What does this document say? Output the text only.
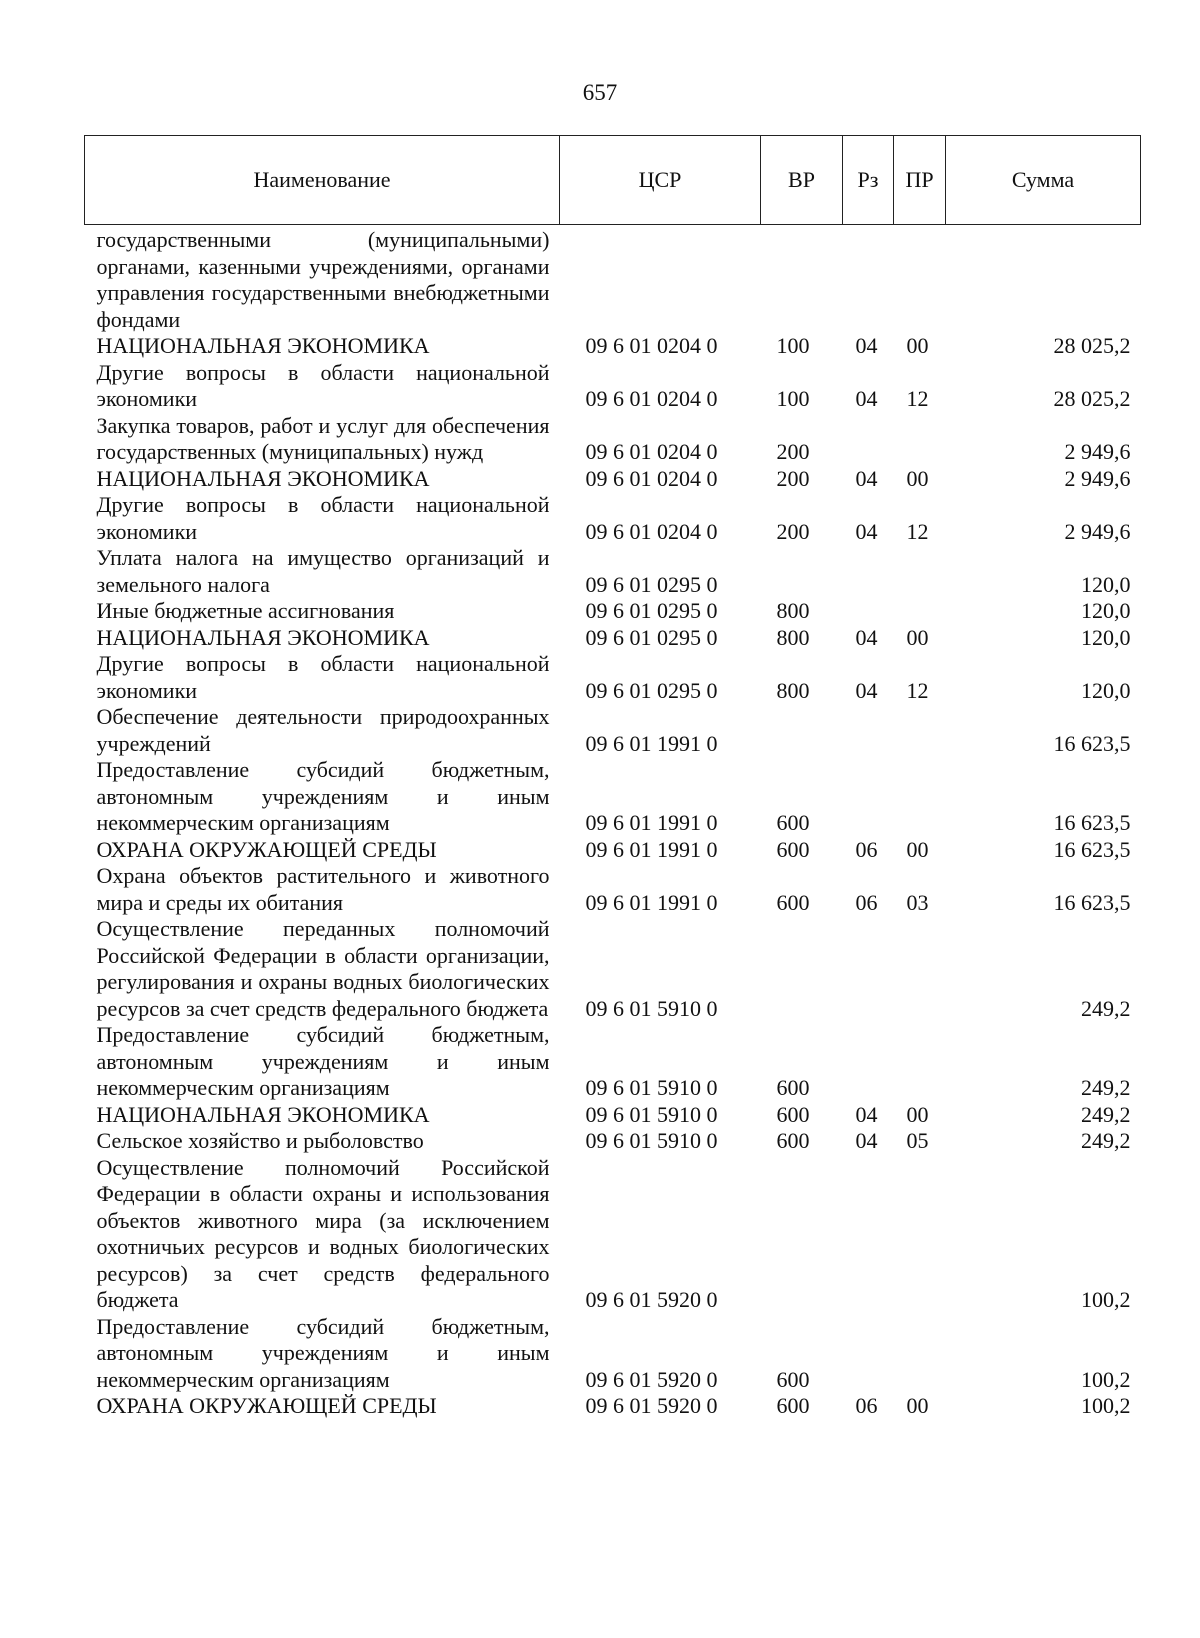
657
Наименование	ЦСР	ВР	Рз	ПР	Сумма
государственными (муниципальными) органами, казенными учреждениями, органами управления государственными внебюджетными фондами					
НАЦИОНАЛЬНАЯ ЭКОНОМИКА	09 6 01 0204 0	100	04	00	28 025,2
Другие вопросы в области национальной экономики	09 6 01 0204 0	100	04	12	28 025,2
Закупка товаров, работ и услуг для обеспечения государственных (муниципальных) нужд	09 6 01 0204 0	200			2 949,6
НАЦИОНАЛЬНАЯ ЭКОНОМИКА	09 6 01 0204 0	200	04	00	2 949,6
Другие вопросы в области национальной экономики	09 6 01 0204 0	200	04	12	2 949,6
Уплата налога на имущество организаций и земельного налога	09 6 01 0295 0				120,0
Иные бюджетные ассигнования	09 6 01 0295 0	800			120,0
НАЦИОНАЛЬНАЯ ЭКОНОМИКА	09 6 01 0295 0	800	04	00	120,0
Другие вопросы в области национальной экономики	09 6 01 0295 0	800	04	12	120,0
Обеспечение деятельности природоохранных учреждений	09 6 01 1991 0				16 623,5
Предоставление субсидий бюджетным, автономным учреждениям и иным некоммерческим организациям	09 6 01 1991 0	600			16 623,5
ОХРАНА ОКРУЖАЮЩЕЙ СРЕДЫ	09 6 01 1991 0	600	06	00	16 623,5
Охрана объектов растительного и животного мира и среды их обитания	09 6 01 1991 0	600	06	03	16 623,5
Осуществление переданных полномочий Российской Федерации в области организации, регулирования и охраны водных биологических ресурсов за счет средств федерального бюджета	09 6 01 5910 0				249,2
Предоставление субсидий бюджетным, автономным учреждениям и иным некоммерческим организациям	09 6 01 5910 0	600			249,2
НАЦИОНАЛЬНАЯ ЭКОНОМИКА	09 6 01 5910 0	600	04	00	249,2
Сельское хозяйство и рыболовство	09 6 01 5910 0	600	04	05	249,2
Осуществление полномочий Российской Федерации в области охраны и использования объектов животного мира (за исключением охотничьих ресурсов и водных биологических ресурсов) за счет средств федерального бюджета	09 6 01 5920 0				100,2
Предоставление субсидий бюджетным, автономным учреждениям и иным некоммерческим организациям	09 6 01 5920 0	600			100,2
ОХРАНА ОКРУЖАЮЩЕЙ СРЕДЫ	09 6 01 5920 0	600	06	00	100,2
